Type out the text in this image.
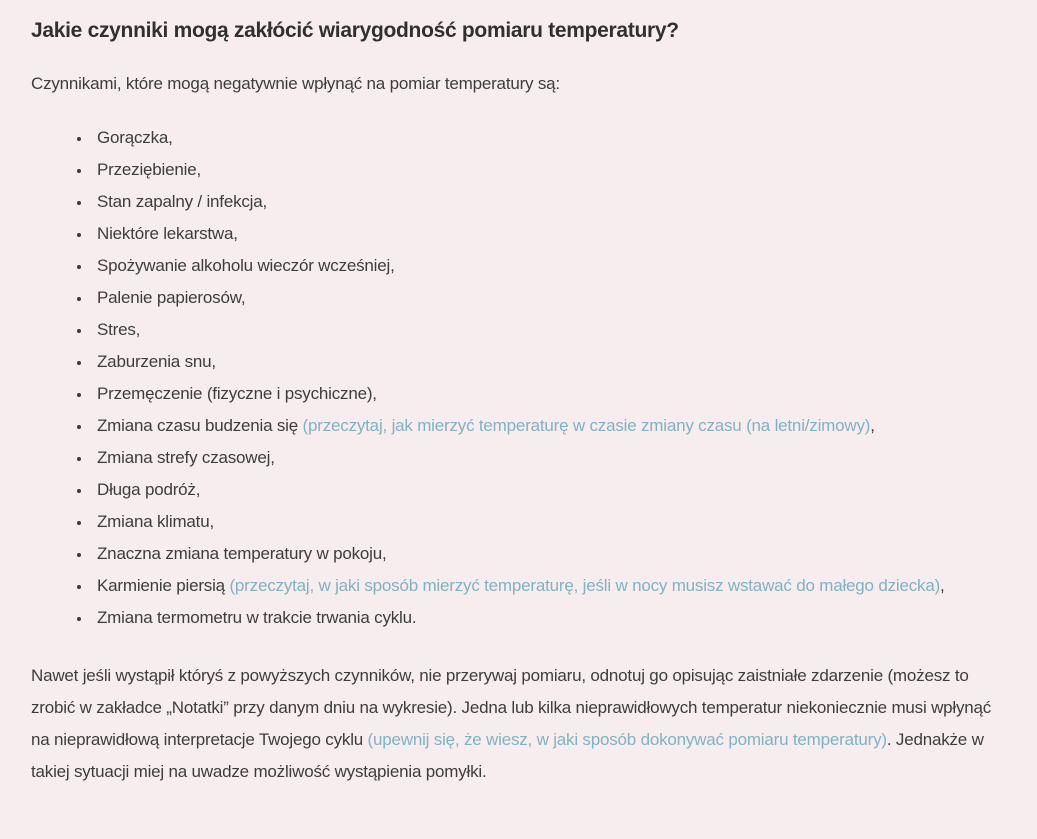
Jakie czynniki mogą zakłócić wiarygodność pomiaru temperatury?

Czynnikami, które mogą negatywnie wpłynąć na pomiar temperatury są:

• Gorączka,
• Przeziębienie,
• Stan zapalny / infekcja,
• Niektóre lekarstwa,
• Spożywanie alkoholu wieczór wcześniej,
• Palenie papierosów,
• Stres,
• Zaburzenia snu,
• Przemęczenie (fizyczne i psychiczne),
• Zmiana czasu budzenia się (przeczytaj, jak mierzyć temperaturę w czasie zmiany czasu (na letni/zimowy),
• Zmiana strefy czasowej,
• Długa podróż,
• Zmiana klimatu,
• Znaczna zmiana temperatury w pokoju,
• Karmienie piersią (przeczytaj, w jaki sposób mierzyć temperaturę, jeśli w nocy musisz wstawać do małego dziecka),
• Zmiana termometru w trakcie trwania cyklu.

Nawet jeśli wystąpił któryś z powyższych czynników, nie przerywaj pomiaru, odnotuj go opisując zaistniałe zdarzenie (możesz to zrobić w zakładce „Notatki” przy danym dniu na wykresie). Jedna lub kilka nieprawidłowych temperatur niekoniecznie musi wpłynąć na nieprawidłową interpretacje Twojego cyklu (upewnij się, że wiesz, w jaki sposób dokonywać pomiaru temperatury). Jednakże w takiej sytuacji miej na uwadze możliwość wystąpienia pomyłki.
